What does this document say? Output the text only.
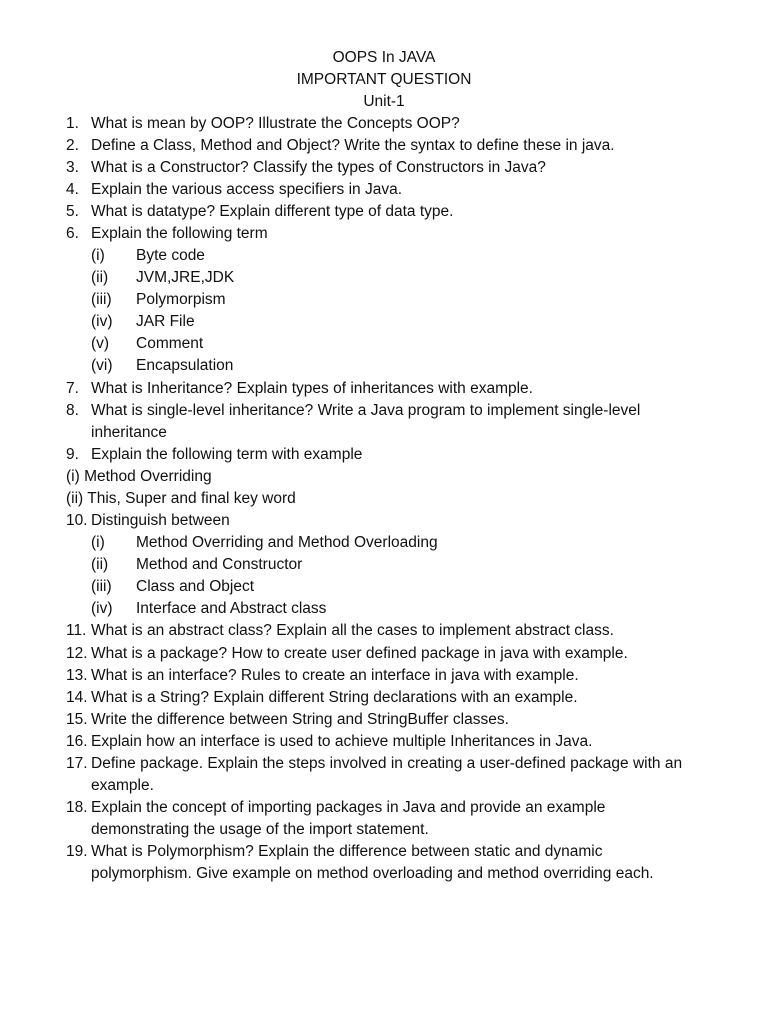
OOPS In JAVA
IMPORTANT QUESTION
Unit-1
1. What is mean by OOP? Illustrate the Concepts OOP?
2. Define a Class, Method and Object? Write the syntax to define these in java.
3. What is a Constructor? Classify the types of Constructors in Java?
4. Explain the various access specifiers in Java.
5. What is datatype? Explain different type of data type.
6. Explain the following term
(i) Byte code
(ii) JVM,JRE,JDK
(iii) Polymorpism
(iv) JAR File
(v) Comment
(vi) Encapsulation
7. What is Inheritance? Explain types of inheritances with example.
8. What is single-level inheritance? Write a Java program to implement single-level inheritance
9. Explain the following term with example
(i) Method Overriding
(ii) This, Super and final key word
10. Distinguish between
(i) Method Overriding and Method Overloading
(ii) Method and Constructor
(iii) Class and Object
(iv) Interface and Abstract class
11. What is an abstract class? Explain all the cases to implement abstract class.
12. What is a package? How to create user defined package in java with example.
13. What is an interface? Rules to create an interface in java with example.
14. What is a String? Explain different String declarations with an example.
15. Write the difference between String and StringBuffer classes.
16. Explain how an interface is used to achieve multiple Inheritances in Java.
17. Define package. Explain the steps involved in creating a user-defined package with an example.
18. Explain the concept of importing packages in Java and provide an example demonstrating the usage of the import statement.
19. What is Polymorphism? Explain the difference between static and dynamic polymorphism. Give example on method overloading and method overriding each.
